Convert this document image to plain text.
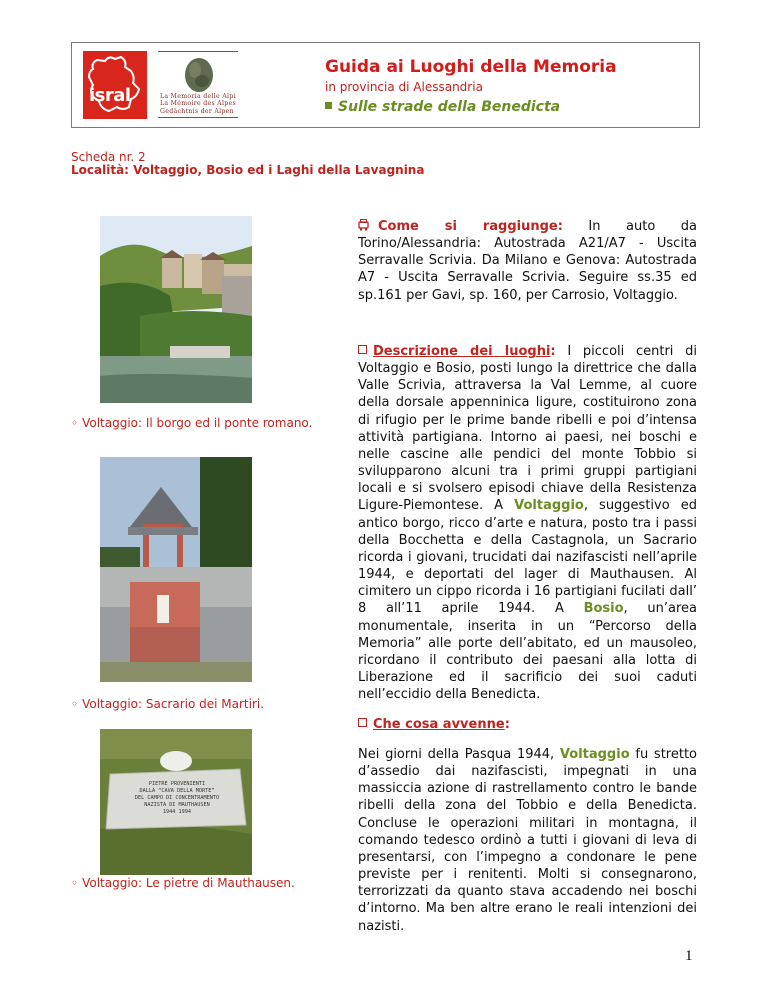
isral	La Memoria delle Alpi
La Mémoire des Alpes
Gedächtnis der Alpen
Guida ai Luoghi della Memoria
in provincia di Alessandria
Sulle strade della Benedicta
Scheda nr. 2
Località: Voltaggio, Bosio ed i Laghi della Lavagnina
◦ Voltaggio: Il borgo ed il ponte romano.
◦ Voltaggio: Sacrario dei Martiri.
PIETRE PROVENIENTI
DALLA “CAVA DELLA MORTE”
DEL CAMPO DI CONCENTRAMENTO
NAZISTA DI MAUTHAUSEN
1944 1994
◦ Voltaggio: Le pietre di Mauthausen.
Come si raggiunge: In auto da Torino/Alessandria: Autostrada A21/A7 - Uscita Serravalle Scrivia. Da Milano e Genova: Autostrada A7 - Uscita Serravalle Scrivia. Seguire ss.35 ed sp.161 per Gavi, sp. 160, per Carrosio, Voltaggio.
Descrizione dei luoghi: I piccoli centri di Voltaggio e Bosio, posti lungo la direttrice che dalla Valle Scrivia, attraversa la Val Lemme, al cuore della dorsale appenninica ligure, costituirono zona di rifugio per le prime bande ribelli e poi d’intensa attività partigiana. Intorno ai paesi, nei boschi e nelle cascine alle pendici del monte Tobbio si svilupparono alcuni tra i primi gruppi partigiani locali e si svolsero episodi chiave della Resistenza Ligure-Piemontese. A Voltaggio, suggestivo ed antico borgo, ricco d’arte e natura, posto tra i passi della Bocchetta e della Castagnola, un Sacrario ricorda i giovani, trucidati dai nazifascisti nell’aprile 1944, e deportati del lager di Mauthausen. Al cimitero un cippo ricorda i 16 partigiani fucilati dall’ 8 all’11 aprile 1944. A Bosio, un’area monumentale, inserita in un “Percorso della Memoria” alle porte dell’abitato, ed un mausoleo, ricordano il contributo dei paesani alla lotta di Liberazione ed il sacrificio dei suoi caduti nell’eccidio della Benedicta.
Che cosa avvenne:
Nei giorni della Pasqua 1944, Voltaggio fu stretto d’assedio dai nazifascisti, impegnati in una massiccia azione di rastrellamento contro le bande ribelli della zona del Tobbio e della Benedicta. Concluse le operazioni militari in montagna, il comando tedesco ordinò a tutti i giovani di leva di presentarsi, con l’impegno a condonare le pene previste per i renitenti. Molti si consegnarono, terrorizzati da quanto stava accadendo nei boschi d’intorno. Ma ben altre erano le reali intenzioni dei nazisti.
1
